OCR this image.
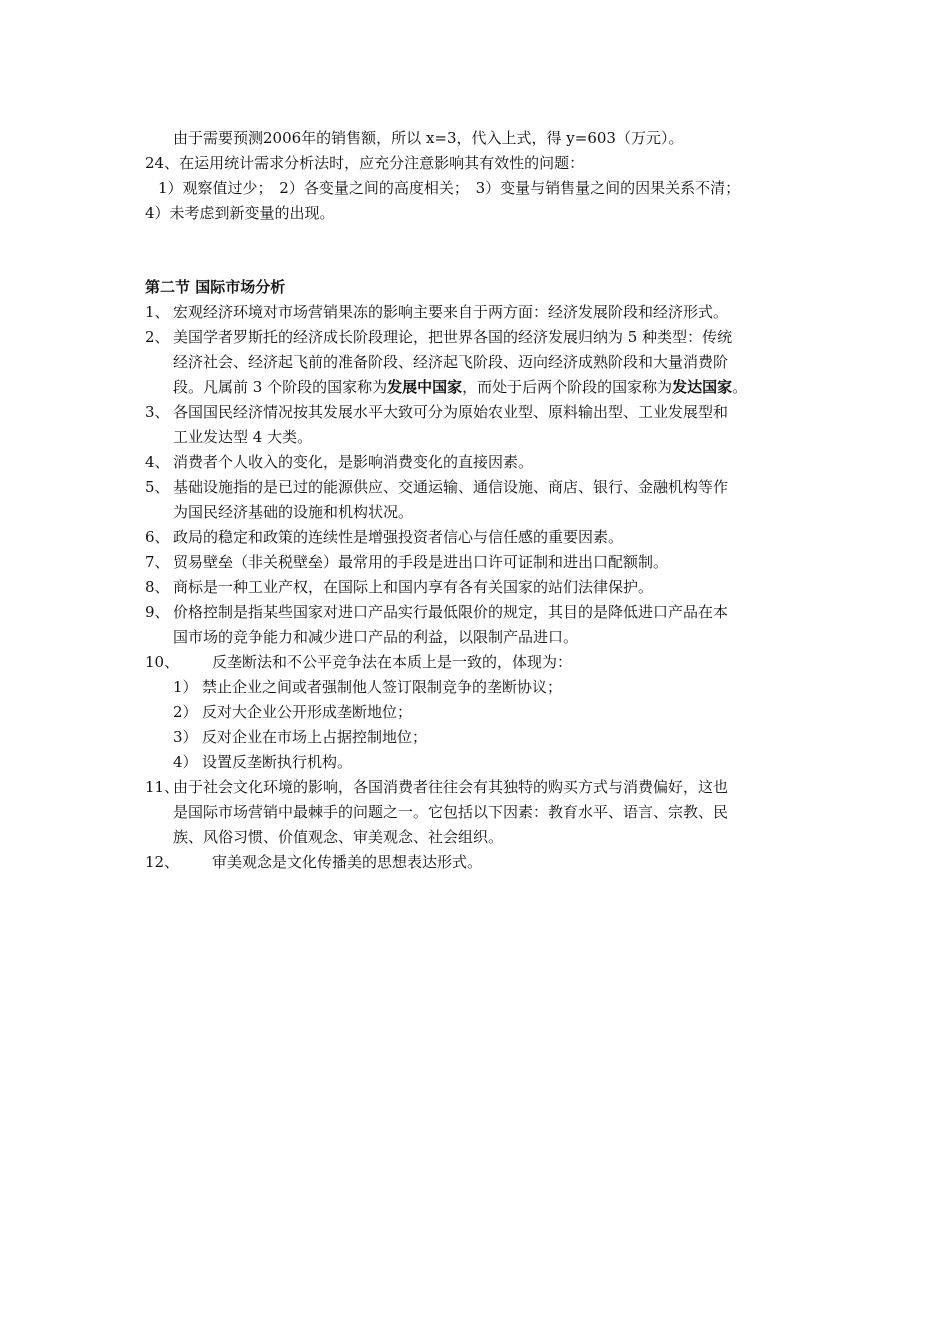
由于需要预测2006年的销售额，所以 x=3，代入上式，得 y=603（万元）。
24、在运用统计需求分析法时，应充分注意影响其有效性的问题：
1）观察值过少； 2）各变量之间的高度相关； 3）变量与销售量之间的因果关系不清；
4）未考虑到新变量的出现。
第二节 国际市场分析
1、 宏观经济环境对市场营销果冻的影响主要来自于两方面：经济发展阶段和经济形式。
2、 美国学者罗斯托的经济成长阶段理论，把世界各国的经济发展归纳为 5 种类型：传统
经济社会、经济起飞前的准备阶段、经济起飞阶段、迈向经济成熟阶段和大量消费阶
段。凡属前 3 个阶段的国家称为发展中国家，而处于后两个阶段的国家称为发达国家。
3、 各国国民经济情况按其发展水平大致可分为原始农业型、原料输出型、工业发展型和
工业发达型 4 大类。
4、 消费者个人收入的变化，是影响消费变化的直接因素。
5、 基础设施指的是已过的能源供应、交通运输、通信设施、商店、银行、金融机构等作
为国民经济基础的设施和机构状况。
6、 政局的稳定和政策的连续性是增强投资者信心与信任感的重要因素。
7、 贸易壁垒（非关税壁垒）最常用的手段是进出口许可证制和进出口配额制。
8、 商标是一种工业产权，在国际上和国内享有各有关国家的站们法律保护。
9、 价格控制是指某些国家对进口产品实行最低限价的规定，其目的是降低进口产品在本
国市场的竞争能力和减少进口产品的利益，以限制产品进口。
10、 反垄断法和不公平竞争法在本质上是一致的，体现为：
1） 禁止企业之间或者强制他人签订限制竞争的垄断协议；
2） 反对大企业公开形成垄断地位；
3） 反对企业在市场上占据控制地位；
4） 设置反垄断执行机构。
11、
由于社会文化环境的影响，各国消费者往往会有其独特的购买方式与消费偏好，这也
是国际市场营销中最棘手的问题之一。它包括以下因素：教育水平、语言、宗教、民
族、风俗习惯、价值观念、审美观念、社会组织。
12、 审美观念是文化传播美的思想表达形式。
